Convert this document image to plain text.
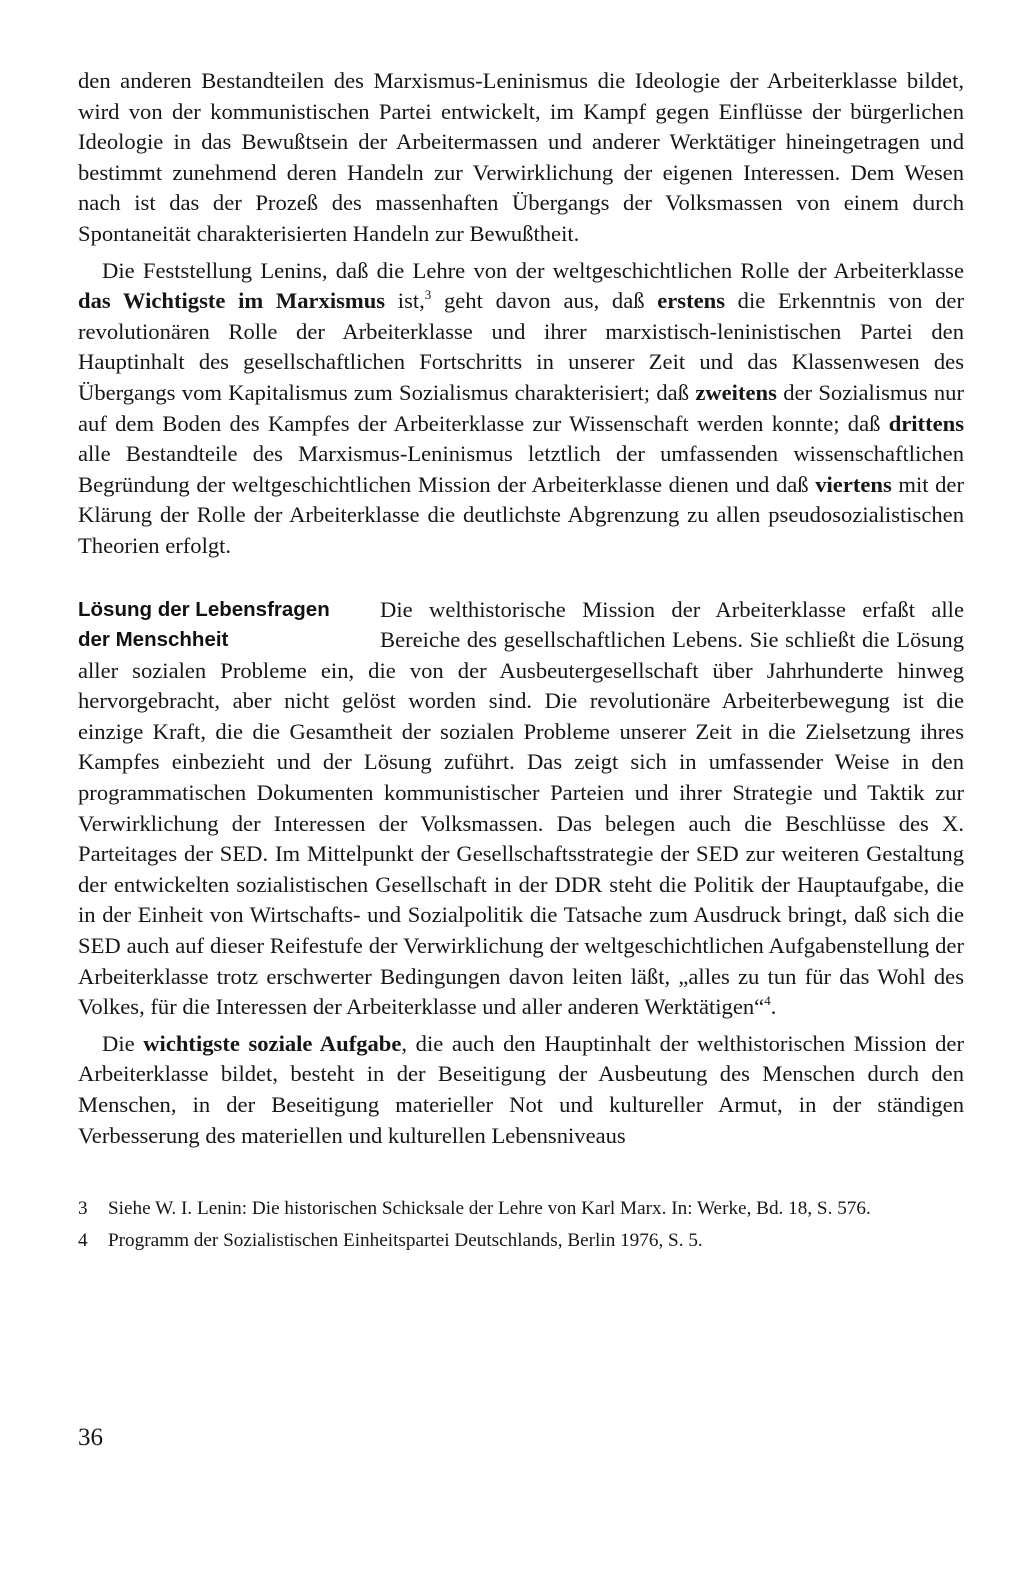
den anderen Bestandteilen des Marxismus-Leninismus die Ideologie der Arbeiterklasse bildet, wird von der kommunistischen Partei entwickelt, im Kampf gegen Einflüsse der bürgerlichen Ideologie in das Bewußtsein der Arbeitermassen und anderer Werktätiger hineingetragen und bestimmt zunehmend deren Handeln zur Verwirklichung der eigenen Interessen. Dem Wesen nach ist das der Prozeß des massenhaften Übergangs der Volksmassen von einem durch Spontaneität charakterisierten Handeln zur Bewußtheit.

Die Feststellung Lenins, daß die Lehre von der weltgeschichtlichen Rolle der Arbeiterklasse das Wichtigste im Marxismus ist,$^3$ geht davon aus, daß erstens die Erkenntnis von der revolutionären Rolle der Arbeiterklasse und ihrer marxistisch-leninistischen Partei den Hauptinhalt des gesellschaftlichen Fortschritts in unserer Zeit und das Klassenwesen des Übergangs vom Kapitalismus zum Sozialismus charakterisiert; daß zweitens der Sozialismus nur auf dem Boden des Kampfes der Arbeiterklasse zur Wissenschaft werden konnte; daß drittens alle Bestandteile des Marxismus-Leninismus letztlich der umfassenden wissenschaftlichen Begründung der weltgeschichtlichen Mission der Arbeiterklasse dienen und daß viertens mit der Klärung der Rolle der Arbeiterklasse die deutlichste Abgrenzung zu allen pseudosozialistischen Theorien erfolgt.

Lösung der Lebensfragen
der Menschheit

Die welthistorische Mission der Arbeiterklasse erfaßt alle Bereiche des gesellschaftlichen Lebens. Sie schließt die Lösung aller sozialen Probleme ein, die von der Ausbeutergesellschaft über Jahrhunderte hinweg hervorgebracht, aber nicht gelöst worden sind. Die revolutionäre Arbeiterbewegung ist die einzige Kraft, die die Gesamtheit der sozialen Probleme unserer Zeit in die Zielsetzung ihres Kampfes einbezieht und der Lösung zuführt. Das zeigt sich in umfassender Weise in den programmatischen Dokumenten kommunistischer Parteien und ihrer Strategie und Taktik zur Verwirklichung der Interessen der Volksmassen. Das belegen auch die Beschlüsse des X. Parteitages der SED. Im Mittelpunkt der Gesellschaftsstrategie der SED zur weiteren Gestaltung der entwickelten sozialistischen Gesellschaft in der DDR steht die Politik der Hauptaufgabe, die in der Einheit von Wirtschafts- und Sozialpolitik die Tatsache zum Ausdruck bringt, daß sich die SED auch auf dieser Reifestufe der Verwirklichung der weltgeschichtlichen Aufgabenstellung der Arbeiterklasse trotz erschwerter Bedingungen davon leiten läßt, „alles zu tun für das Wohl des Volkes, für die Interessen der Arbeiterklasse und aller anderen Werktätigen“$^4$.

Die wichtigste soziale Aufgabe, die auch den Hauptinhalt der welthistorischen Mission der Arbeiterklasse bildet, besteht in der Beseitigung der Ausbeutung des Menschen durch den Menschen, in der Beseitigung materieller Not und kultureller Armut, in der ständigen Verbesserung des materiellen und kulturellen Lebensniveaus

3 Siehe W. I. Lenin: Die historischen Schicksale der Lehre von Karl Marx. In: Werke, Bd. 18, S. 576.

4 Programm der Sozialistischen Einheitspartei Deutschlands, Berlin 1976, S. 5.

36
